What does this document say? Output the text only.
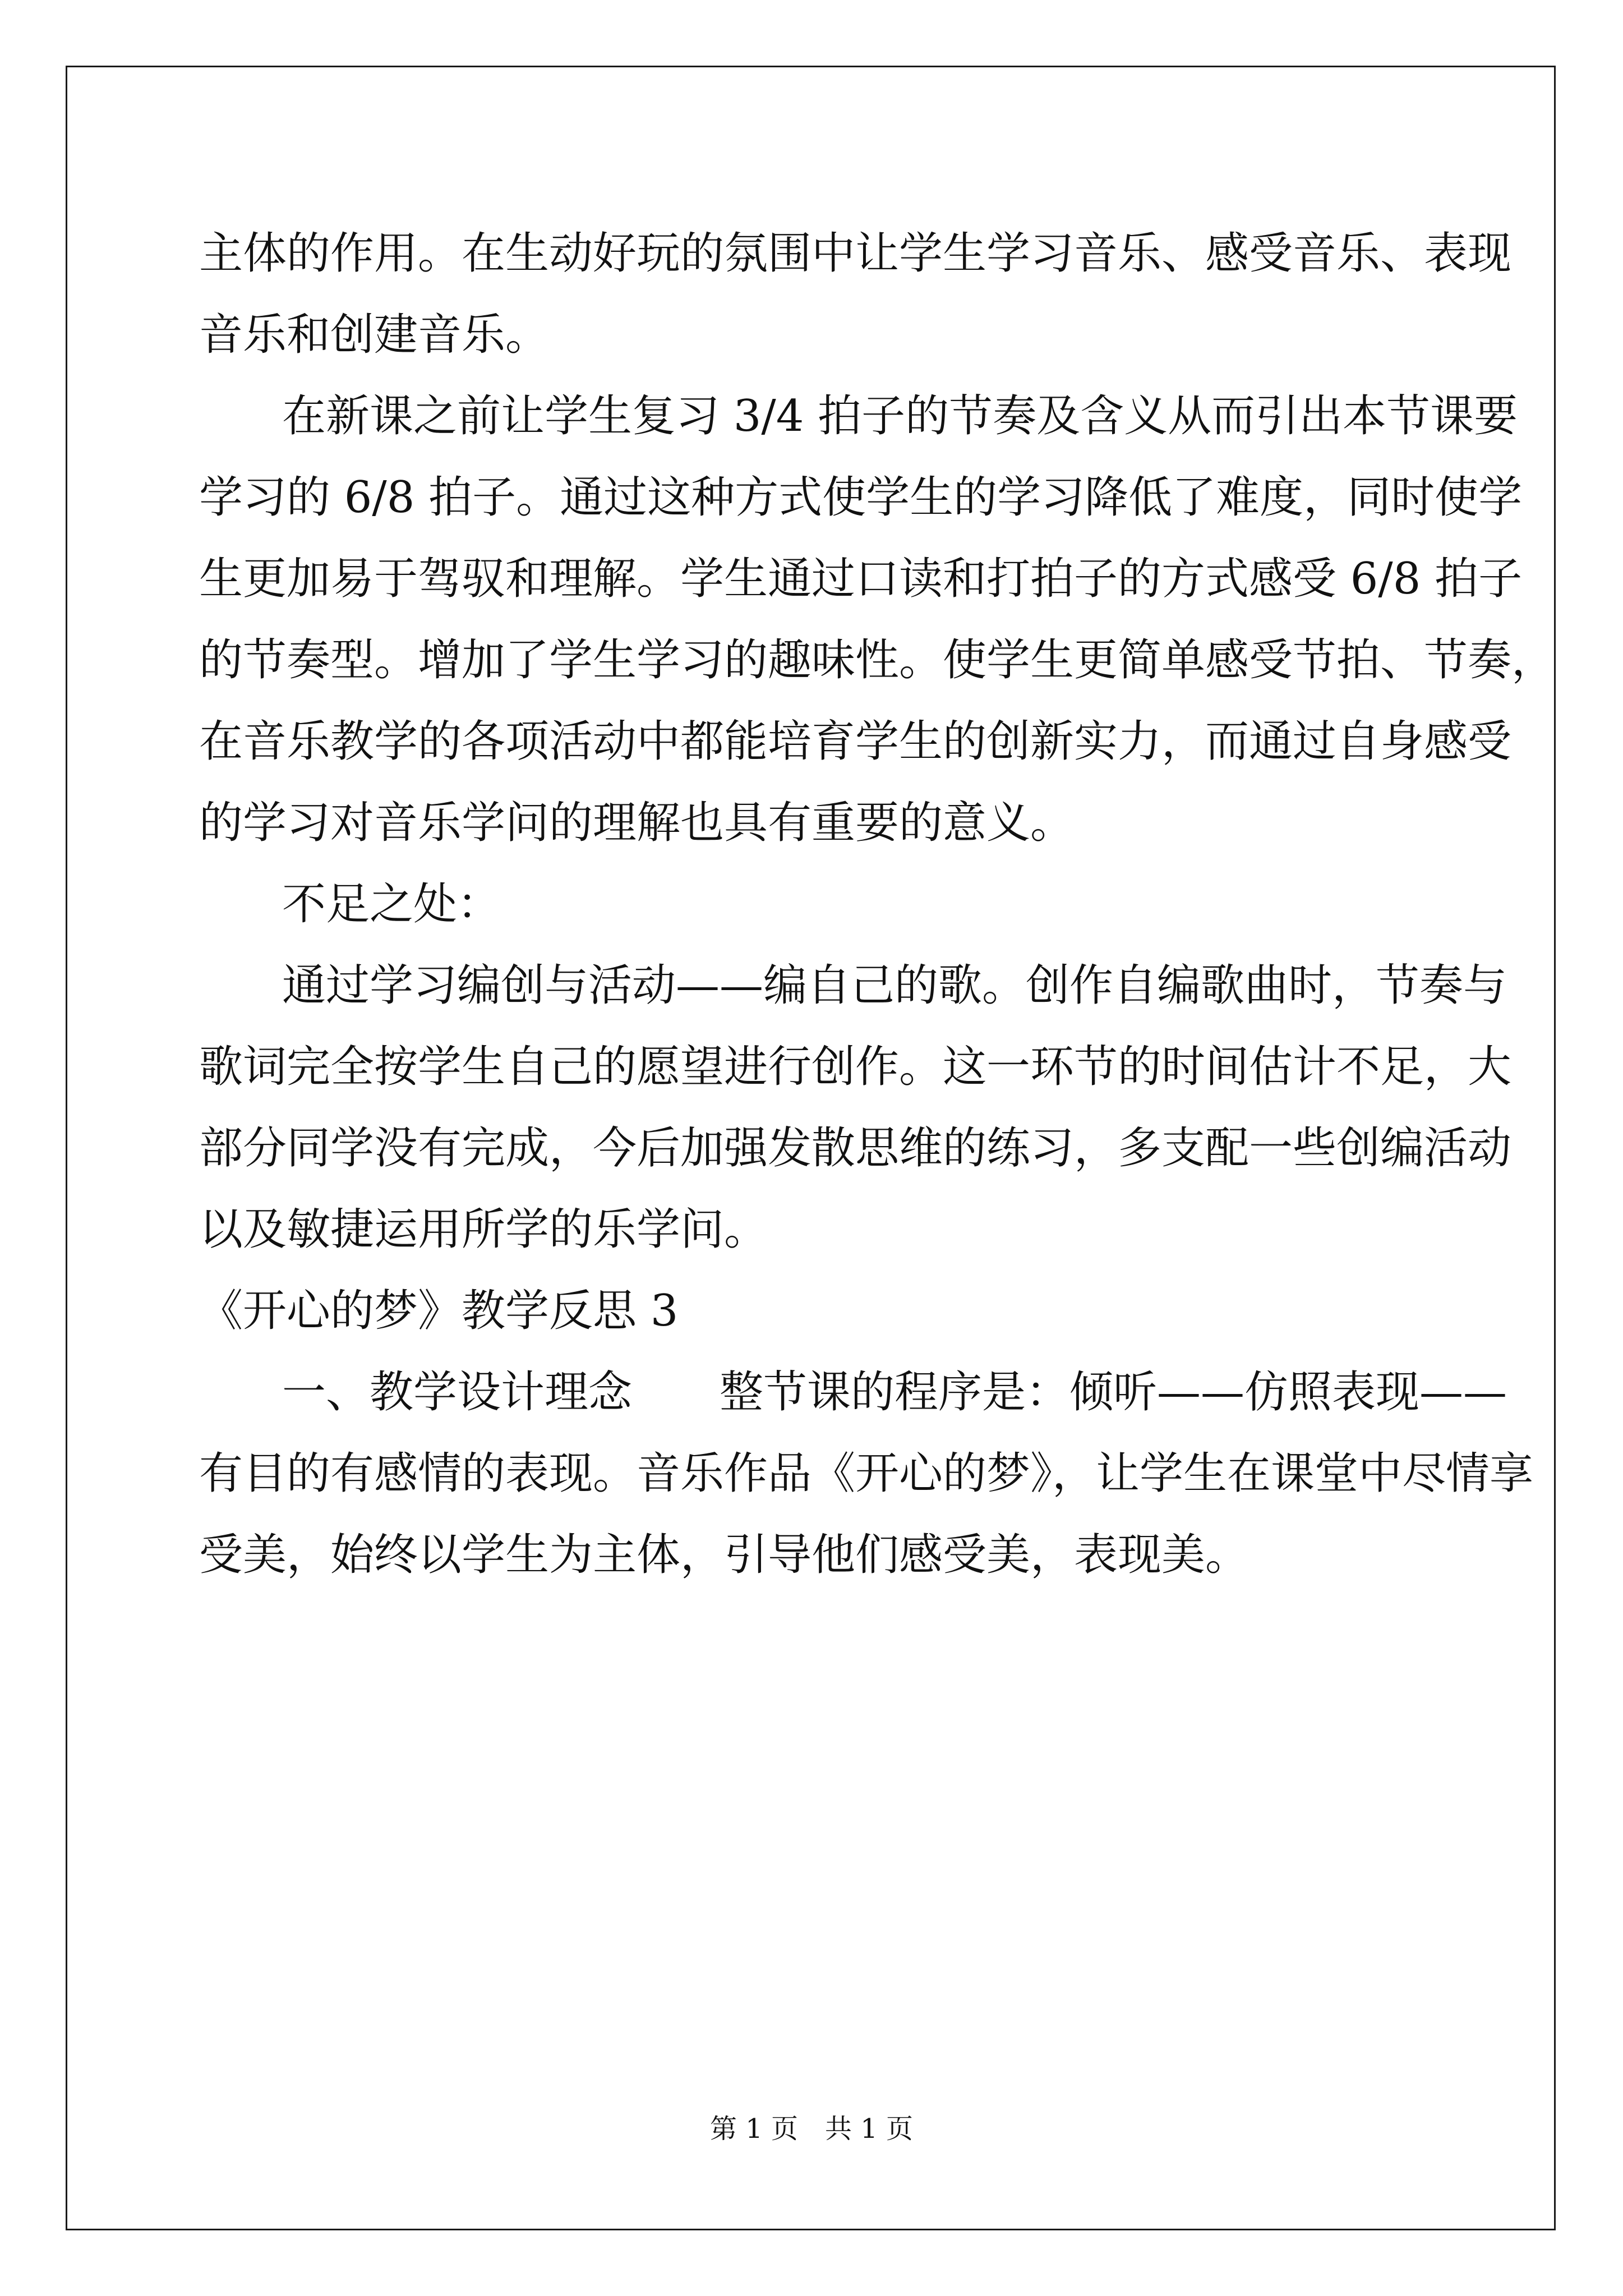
主体的作用。在生动好玩的氛围中让学生学习音乐、感受音乐、表现
音乐和创建音乐。
在新课之前让学生复习 3/4 拍子的节奏及含义从而引出本节课要
学习的 6/8 拍子。通过这种方式使学生的学习降低了难度，同时使学
生更加易于驾驭和理解。学生通过口读和打拍子的方式感受 6/8 拍子
的节奏型。增加了学生学习的趣味性。使学生更简单感受节拍、节奏，
在音乐教学的各项活动中都能培育学生的创新实力，而通过自身感受
的学习对音乐学问的理解也具有重要的意义。
不足之处：
通过学习编创与活动——编自己的歌。创作自编歌曲时，节奏与
歌词完全按学生自己的愿望进行创作。这一环节的时间估计不足，大
部分同学没有完成，今后加强发散思维的练习，多支配一些创编活动
以及敏捷运用所学的乐学问。
《开心的梦》教学反思 3
一、教学设计理念　　整节课的程序是：倾听——仿照表现——
有目的有感情的表现。音乐作品《开心的梦》，让学生在课堂中尽情享
受美，始终以学生为主体，引导他们感受美，表现美。
第 1 页　共 1 页
